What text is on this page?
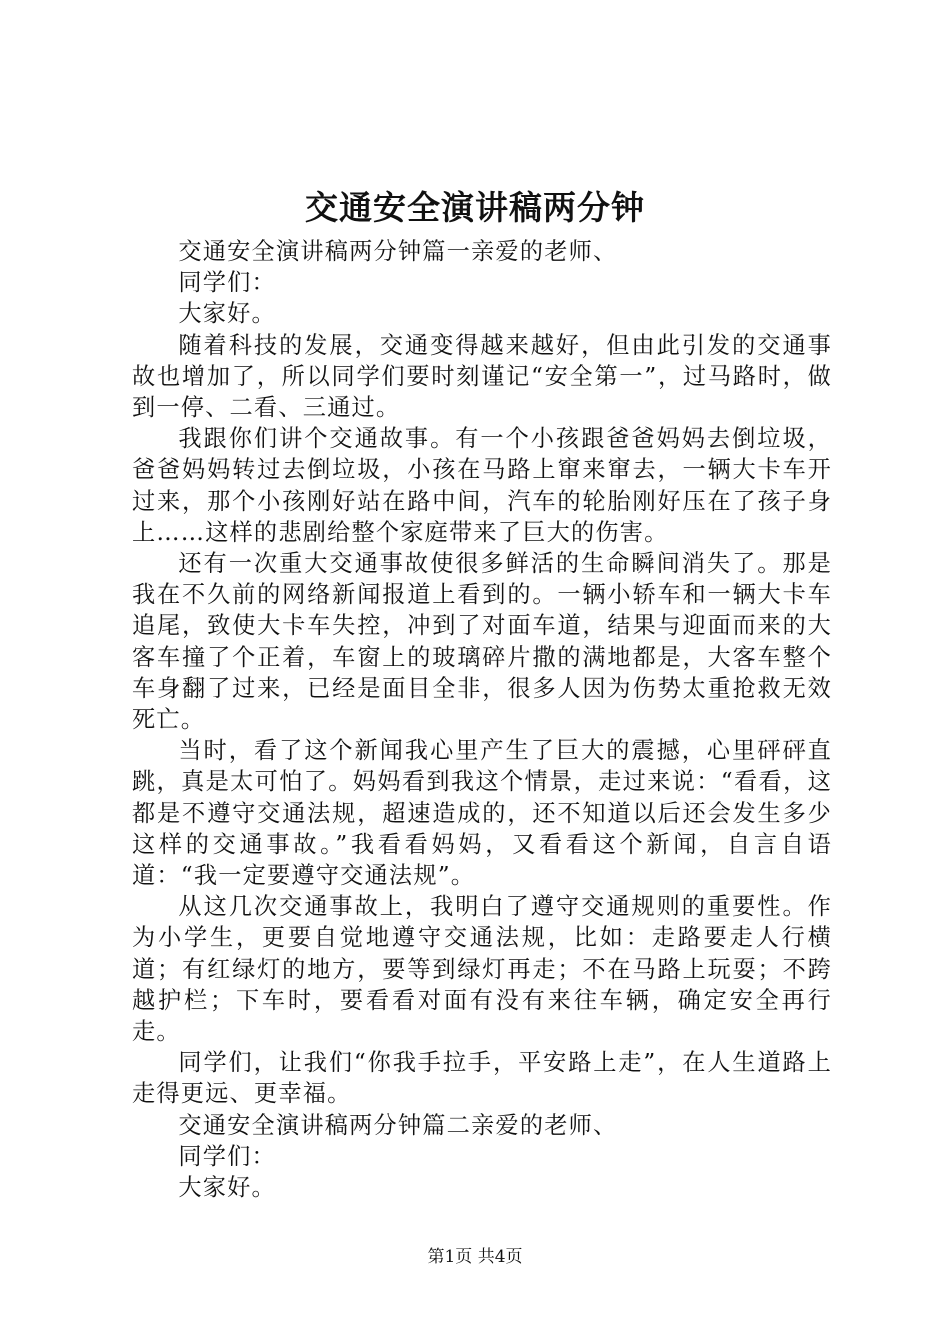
交通安全演讲稿两分钟

交通安全演讲稿两分钟篇一亲爱的老师、

同学们：

大家好。

随着科技的发展，交通变得越来越好，但由此引发的交通事故也增加了，所以同学们要时刻谨记“安全第一”，过马路时，做到一停、二看、三通过。

我跟你们讲个交通故事。有一个小孩跟爸爸妈妈去倒垃圾，爸爸妈妈转过去倒垃圾，小孩在马路上窜来窜去，一辆大卡车开过来，那个小孩刚好站在路中间，汽车的轮胎刚好压在了孩子身上……这样的悲剧给整个家庭带来了巨大的伤害。

还有一次重大交通事故使很多鲜活的生命瞬间消失了。那是我在不久前的网络新闻报道上看到的。一辆小轿车和一辆大卡车追尾，致使大卡车失控，冲到了对面车道，结果与迎面而来的大客车撞了个正着，车窗上的玻璃碎片撒的满地都是，大客车整个车身翻了过来，已经是面目全非，很多人因为伤势太重抢救无效死亡。

当时，看了这个新闻我心里产生了巨大的震撼，心里砰砰直跳，真是太可怕了。妈妈看到我这个情景，走过来说：“看看，这都是不遵守交通法规，超速造成的，还不知道以后还会发生多少这样的交通事故。”我看看妈妈，又看看这个新闻，自言自语道：“我一定要遵守交通法规”。

从这几次交通事故上，我明白了遵守交通规则的重要性。作为小学生，更要自觉地遵守交通法规，比如：走路要走人行横道；有红绿灯的地方，要等到绿灯再走；不在马路上玩耍；不跨越护栏；下车时，要看看对面有没有来往车辆，确定安全再行走。

同学们，让我们“你我手拉手，平安路上走”，在人生道路上走得更远、更幸福。

交通安全演讲稿两分钟篇二亲爱的老师、

同学们：

大家好。

第1页 共4页
